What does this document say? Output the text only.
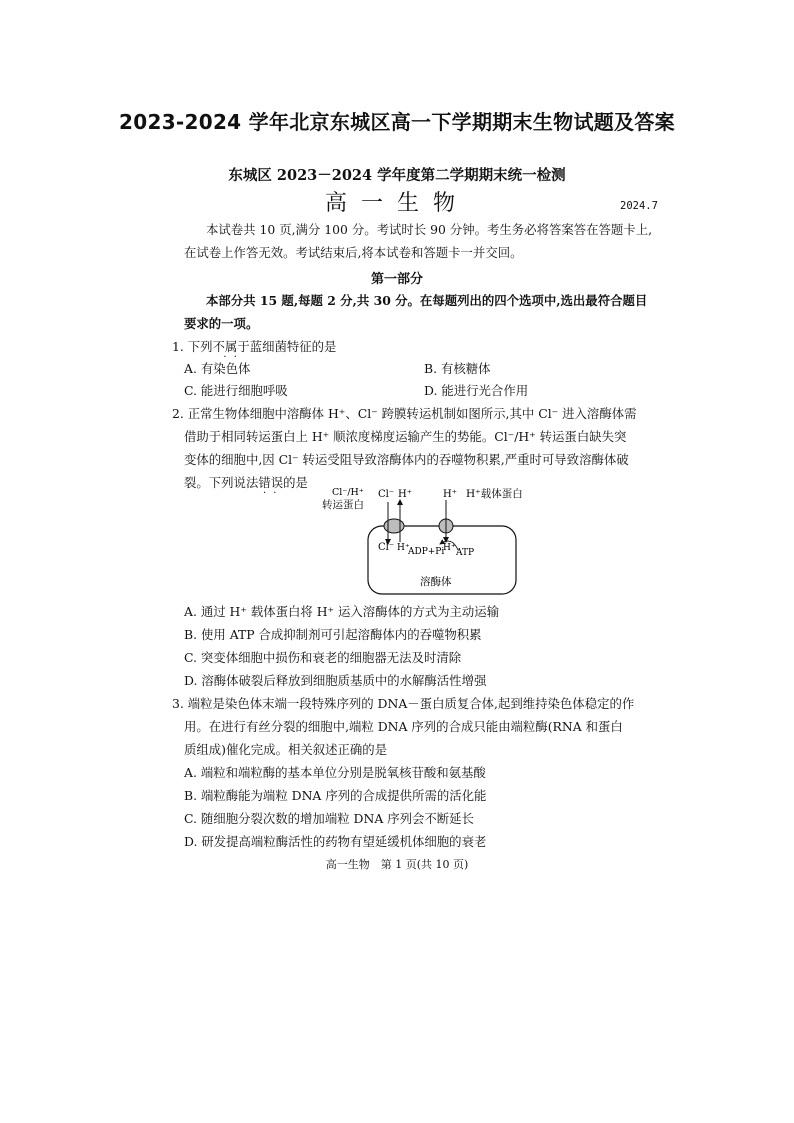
2023-2024 学年北京东城区高一下学期期末生物试题及答案
东城区 2023－2024 学年度第二学期期末统一检测
高一生物	2024.7
本试卷共 10 页,满分 100 分。考试时长 90 分钟。考生务必将答案答在答题卡上,
在试卷上作答无效。考试结束后,将本试卷和答题卡一并交回。
第一部分
本部分共 15 题,每题 2 分,共 30 分。在每题列出的四个选项中,选出最符合题目
要求的一项。
1. 下列不属于 · ·蓝细菌特征的是
A. 有染色体	B. 有核糖体
C. 能进行细胞呼吸	D. 能进行光合作用
2. 正常生物体细胞中溶酶体 H⁺、Cl⁻ 跨膜转运机制如图所示,其中 Cl⁻ 进入溶酶体需
借助于相同转运蛋白上 H⁺ 顺浓度梯度运输产生的势能。Cl⁻/H⁺ 转运蛋白缺失突
变体的细胞中,因 Cl⁻ 转运受阻导致溶酶体内的吞噬物积累,严重时可导致溶酶体破
裂。下列说法错误 · ·的是
Cl⁻/H⁺
转运蛋白
Cl⁻ H⁺	H⁺ H⁺载体蛋白
Cl⁻ H⁺
ADP+Pi
H⁺ ATP
溶酶体
A. 通过 H⁺ 载体蛋白将 H⁺ 运入溶酶体的方式为主动运输
B. 使用 ATP 合成抑制剂可引起溶酶体内的吞噬物积累
C. 突变体细胞中损伤和衰老的细胞器无法及时清除
D. 溶酶体破裂后释放到细胞质基质中的水解酶活性增强
3. 端粒是染色体末端一段特殊序列的 DNA－蛋白质复合体,起到维持染色体稳定的作
用。在进行有丝分裂的细胞中,端粒 DNA 序列的合成只能由端粒酶(RNA 和蛋白
质组成)催化完成。相关叙述正确的是
A. 端粒和端粒酶的基本单位分别是脱氧核苷酸和氨基酸
B. 端粒酶能为端粒 DNA 序列的合成提供所需的活化能
C. 随细胞分裂次数的增加端粒 DNA 序列会不断延长
D. 研发提高端粒酶活性的药物有望延缓机体细胞的衰老
高一生物　第 1 页(共 10 页)
